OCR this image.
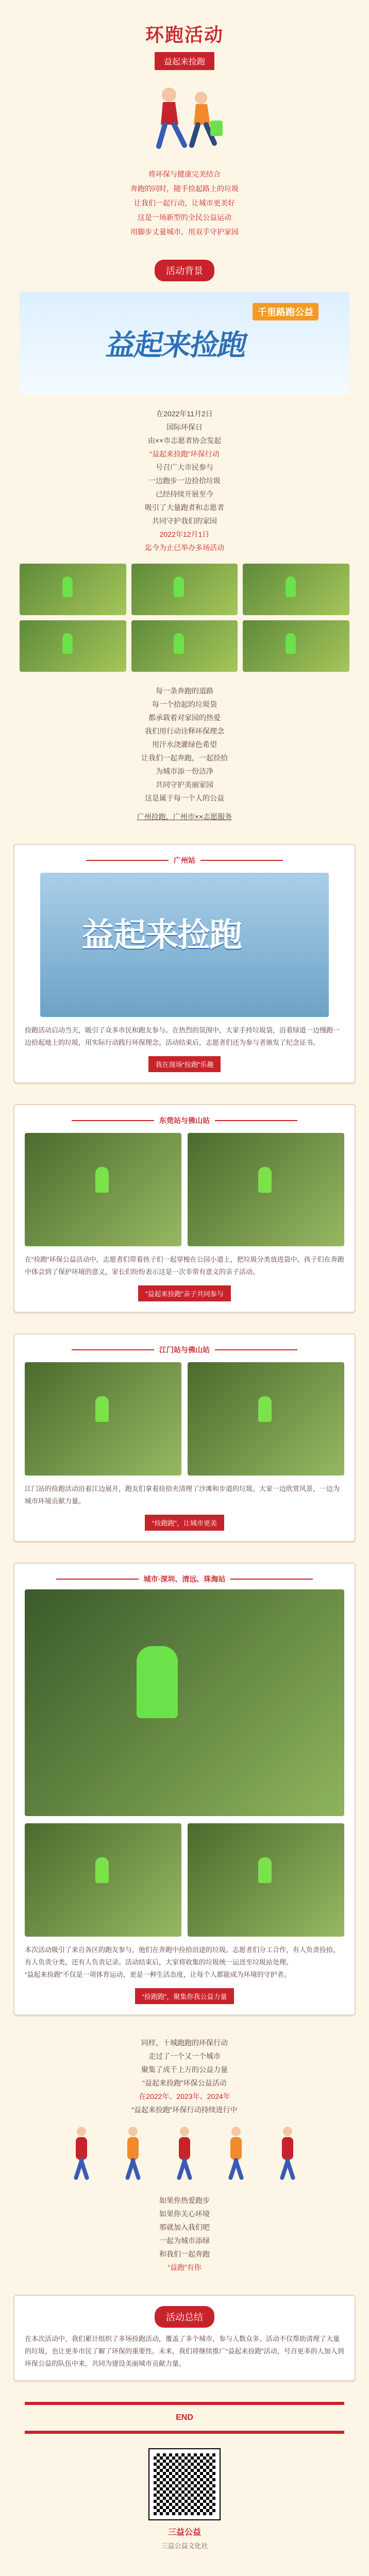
环跑活动
益起来捡跑
将环保与健康完美结合
奔跑的同时，随手捡起路上的垃圾
让我们一起行动，让城市更美好
这是一场新型的全民公益运动
用脚步丈量城市，用双手守护家园
活动背景
千里路跑公益
益起来捡跑
在2022年11月2日
国际环保日
由××市志愿者协会发起
“益起来捡跑”环保行动
号召广大市民参与
一边跑步一边捡拾垃圾
已经持续开展至今
吸引了大量跑者和志愿者
共同守护我们的家园
2022年12月1日
迄今为止已举办多场活动
每一条奔跑的道路
每一个拾起的垃圾袋
都承载着对家园的热爱
我们用行动诠释环保理念
用汗水浇灌绿色希望
让我们一起奔跑，一起捡拾
为城市添一份洁净
共同守护美丽家园
这是属于每一个人的公益
广州捡跑，广州市××志愿服务
广州站
益起来捡跑
捡跑活动启动当天，吸引了众多市民和跑友参与。在热烈的氛围中，大家手持垃圾袋，沿着绿道一边慢跑一边拾起地上的垃圾，用实际行动践行环保理念。活动结束后，志愿者们还为参与者颁发了纪念证书。
我在现场“捡跑”乐趣
东莞站与佛山站
在“捡跑”环保公益活动中，志愿者们带着孩子们一起穿梭在公园小道上，把垃圾分类放进袋中。孩子们在奔跑中体会到了保护环境的意义，家长们纷纷表示这是一次非常有意义的亲子活动。
“益起来捡跑”亲子共同参与
江门站与佛山站
江门站的捡跑活动沿着江边展开，跑友们拿着捡拾夹清理了沙滩和步道的垃圾。大家一边欣赏风景，一边为城市环境贡献力量。
“捡跑跑”，让城市更美
城市·深圳、清远、珠海站
本次活动吸引了来自各区的跑友参与，他们在奔跑中捡拾沿途的垃圾。志愿者们分工合作，有人负责捡拾，有人负责分类，还有人负责记录。活动结束后，大家将收集的垃圾统一运送至垃圾站处理。
“益起来捡跑”不仅是一项体育运动，更是一种生活态度，让每个人都能成为环境的守护者。
“捡跑跑”，聚集你我公益力量
同样，十城跑跑的环保行动
走过了一个又一个城市
聚集了成千上万的公益力量
“益起来捡跑”环保公益活动
在2022年、2023年、2024年
“益起来捡跑”环保行动持续进行中
如果你热爱跑步
如果你关心环境
那就加入我们吧
一起为城市添绿
和我们一起奔跑
“益跑”有你
活动总结
在本次活动中，我们累计组织了多场捡跑活动，覆盖了多个城市，参与人数众多。活动不仅帮助清理了大量的垃圾，也让更多市民了解了环保的重要性。未来，我们将继续推广“益起来捡跑”活动，号召更多的人加入到环保公益的队伍中来，共同为建设美丽城市贡献力量。
END
三益公益
三益公益文化社
